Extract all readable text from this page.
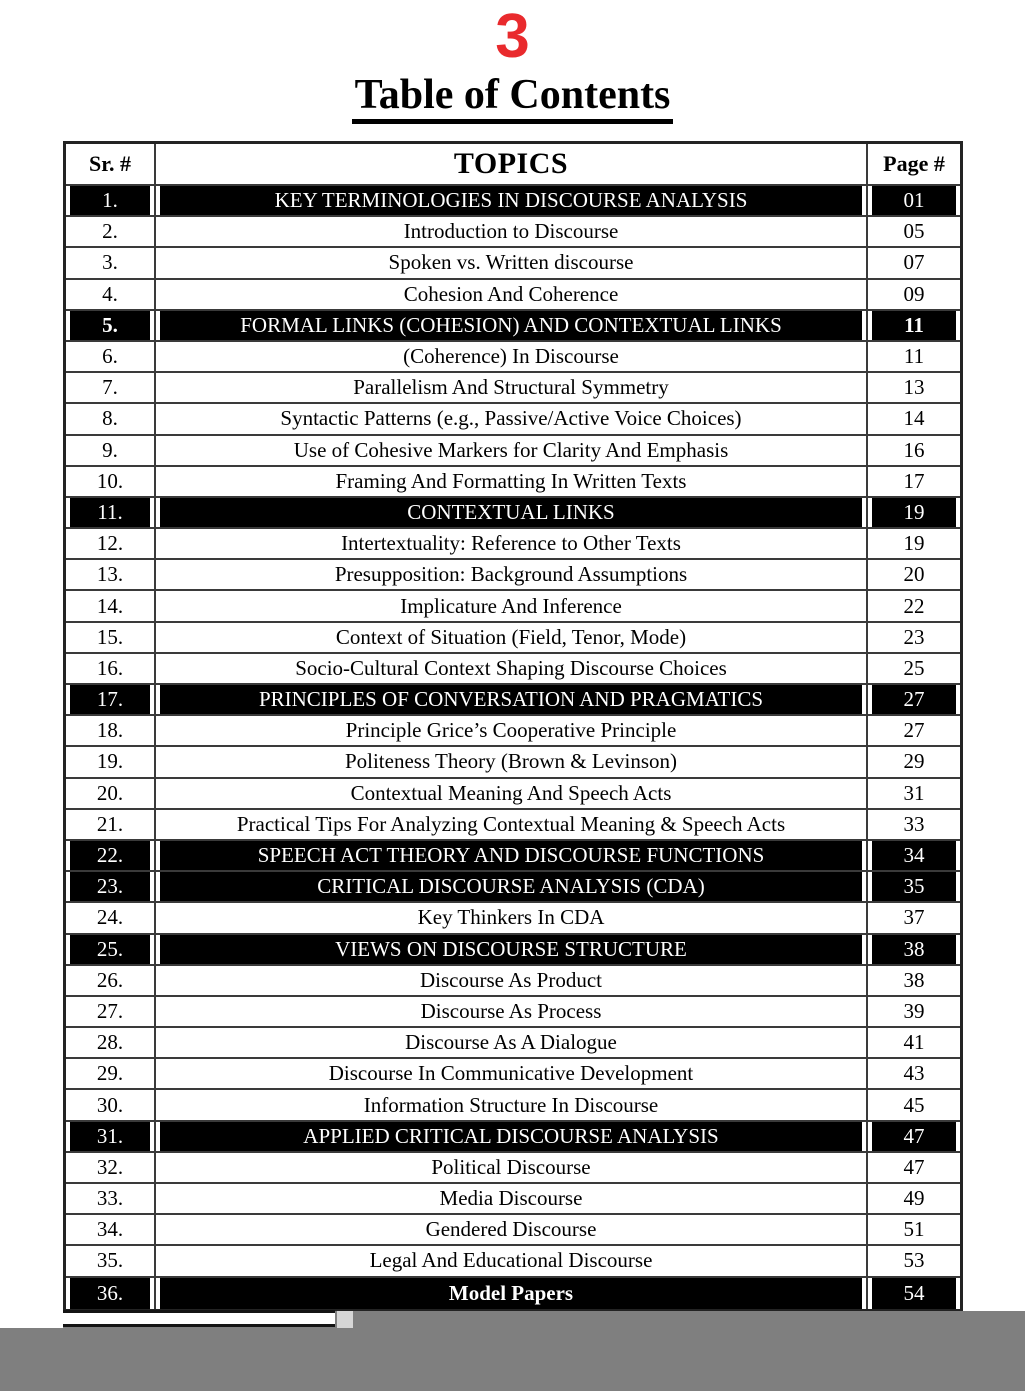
3
Table of Contents
Sr. #	TOPICS	Page #
1.	KEY TERMINOLOGIES IN DISCOURSE ANALYSIS	01
2.	Introduction to Discourse	05
3.	Spoken vs. Written discourse	07
4.	Cohesion And Coherence	09
5.	FORMAL LINKS (COHESION) AND CONTEXTUAL LINKS	11
6.	(Coherence) In Discourse	11
7.	Parallelism And Structural Symmetry	13
8.	Syntactic Patterns (e.g., Passive/Active Voice Choices)	14
9.	Use of Cohesive Markers for Clarity And Emphasis	16
10.	Framing And Formatting In Written Texts	17
11.	CONTEXTUAL LINKS	19
12.	Intertextuality: Reference to Other Texts	19
13.	Presupposition: Background Assumptions	20
14.	Implicature And Inference	22
15.	Context of Situation (Field, Tenor, Mode)	23
16.	Socio-Cultural Context Shaping Discourse Choices	25
17.	PRINCIPLES OF CONVERSATION AND PRAGMATICS	27
18.	Principle Grice’s Cooperative Principle	27
19.	Politeness Theory (Brown & Levinson)	29
20.	Contextual Meaning And Speech Acts	31
21.	Practical Tips For Analyzing Contextual Meaning & Speech Acts	33
22.	SPEECH ACT THEORY AND DISCOURSE FUNCTIONS	34
23.	CRITICAL DISCOURSE ANALYSIS (CDA)	35
24.	Key Thinkers In CDA	37
25.	VIEWS ON DISCOURSE STRUCTURE	38
26.	Discourse As Product	38
27.	Discourse As Process	39
28.	Discourse As A Dialogue	41
29.	Discourse In Communicative Development	43
30.	Information Structure In Discourse	45
31.	APPLIED CRITICAL DISCOURSE ANALYSIS	47
32.	Political Discourse	47
33.	Media Discourse	49
34.	Gendered Discourse	51
35.	Legal And Educational Discourse	53
36.	Model Papers	54
